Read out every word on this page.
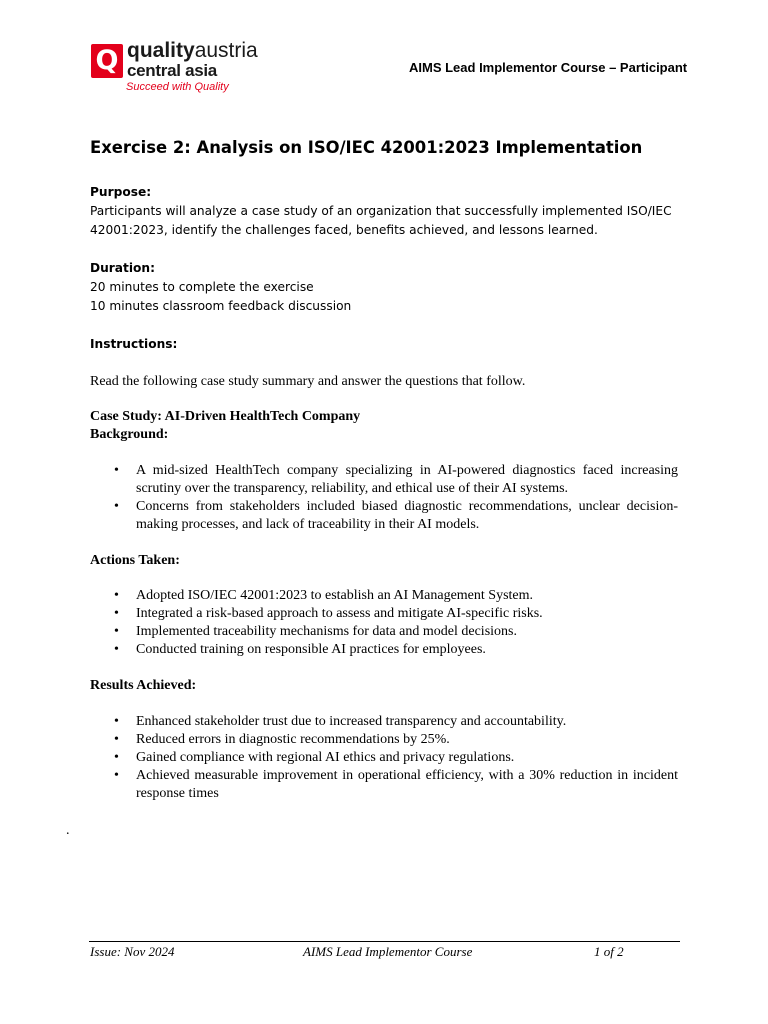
Q qualityaustria
central asia
Succeed with Quality
AIMS Lead Implementor Course – Participant
Exercise 2: Analysis on ISO/IEC 42001:2023 Implementation
Purpose:
Participants will analyze a case study of an organization that successfully implemented ISO/IEC
42001:2023, identify the challenges faced, benefits achieved, and lessons learned.
Duration:
20 minutes to complete the exercise
10 minutes classroom feedback discussion
Instructions:
Read the following case study summary and answer the questions that follow.
Case Study: AI-Driven HealthTech Company
Background:
• A mid-sized HealthTech company specializing in AI-powered diagnostics faced increasing scrutiny over the transparency, reliability, and ethical use of their AI systems.
• Concerns from stakeholders included biased diagnostic recommendations, unclear decision-making processes, and lack of traceability in their AI models.
Actions Taken:
• Adopted ISO/IEC 42001:2023 to establish an AI Management System.
• Integrated a risk-based approach to assess and mitigate AI-specific risks.
• Implemented traceability mechanisms for data and model decisions.
• Conducted training on responsible AI practices for employees.
Results Achieved:
• Enhanced stakeholder trust due to increased transparency and accountability.
• Reduced errors in diagnostic recommendations by 25%.
• Gained compliance with regional AI ethics and privacy regulations.
• Achieved measurable improvement in operational efficiency, with a 30% reduction in incident response times
.
Issue: Nov 2024	AIMS Lead Implementor Course	1 of 2
